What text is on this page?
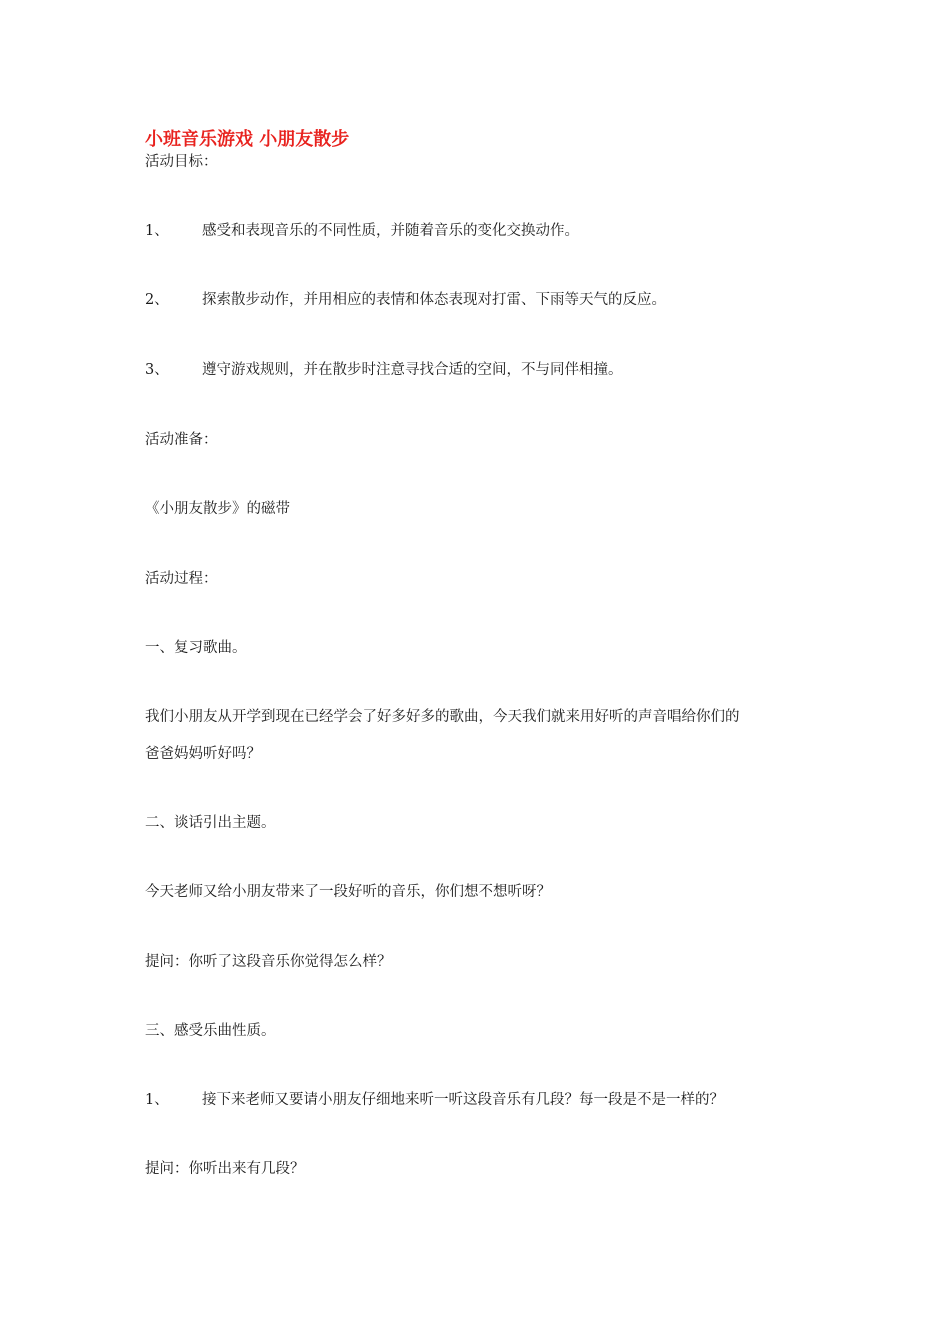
小班音乐游戏 小朋友散步
活动目标：
1、 感受和表现音乐的不同性质，并随着音乐的变化交换动作。
2、 探索散步动作，并用相应的表情和体态表现对打雷、下雨等天气的反应。
3、 遵守游戏规则，并在散步时注意寻找合适的空间，不与同伴相撞。
活动准备：
《小朋友散步》的磁带
活动过程：
一、复习歌曲。
我们小朋友从开学到现在已经学会了好多好多的歌曲，今天我们就来用好听的声音唱给你们的
爸爸妈妈听好吗？
二、谈话引出主题。
今天老师又给小朋友带来了一段好听的音乐，你们想不想听呀？
提问：你听了这段音乐你觉得怎么样？
三、感受乐曲性质。
1、 接下来老师又要请小朋友仔细地来听一听这段音乐有几段？每一段是不是一样的？
提问：你听出来有几段？
